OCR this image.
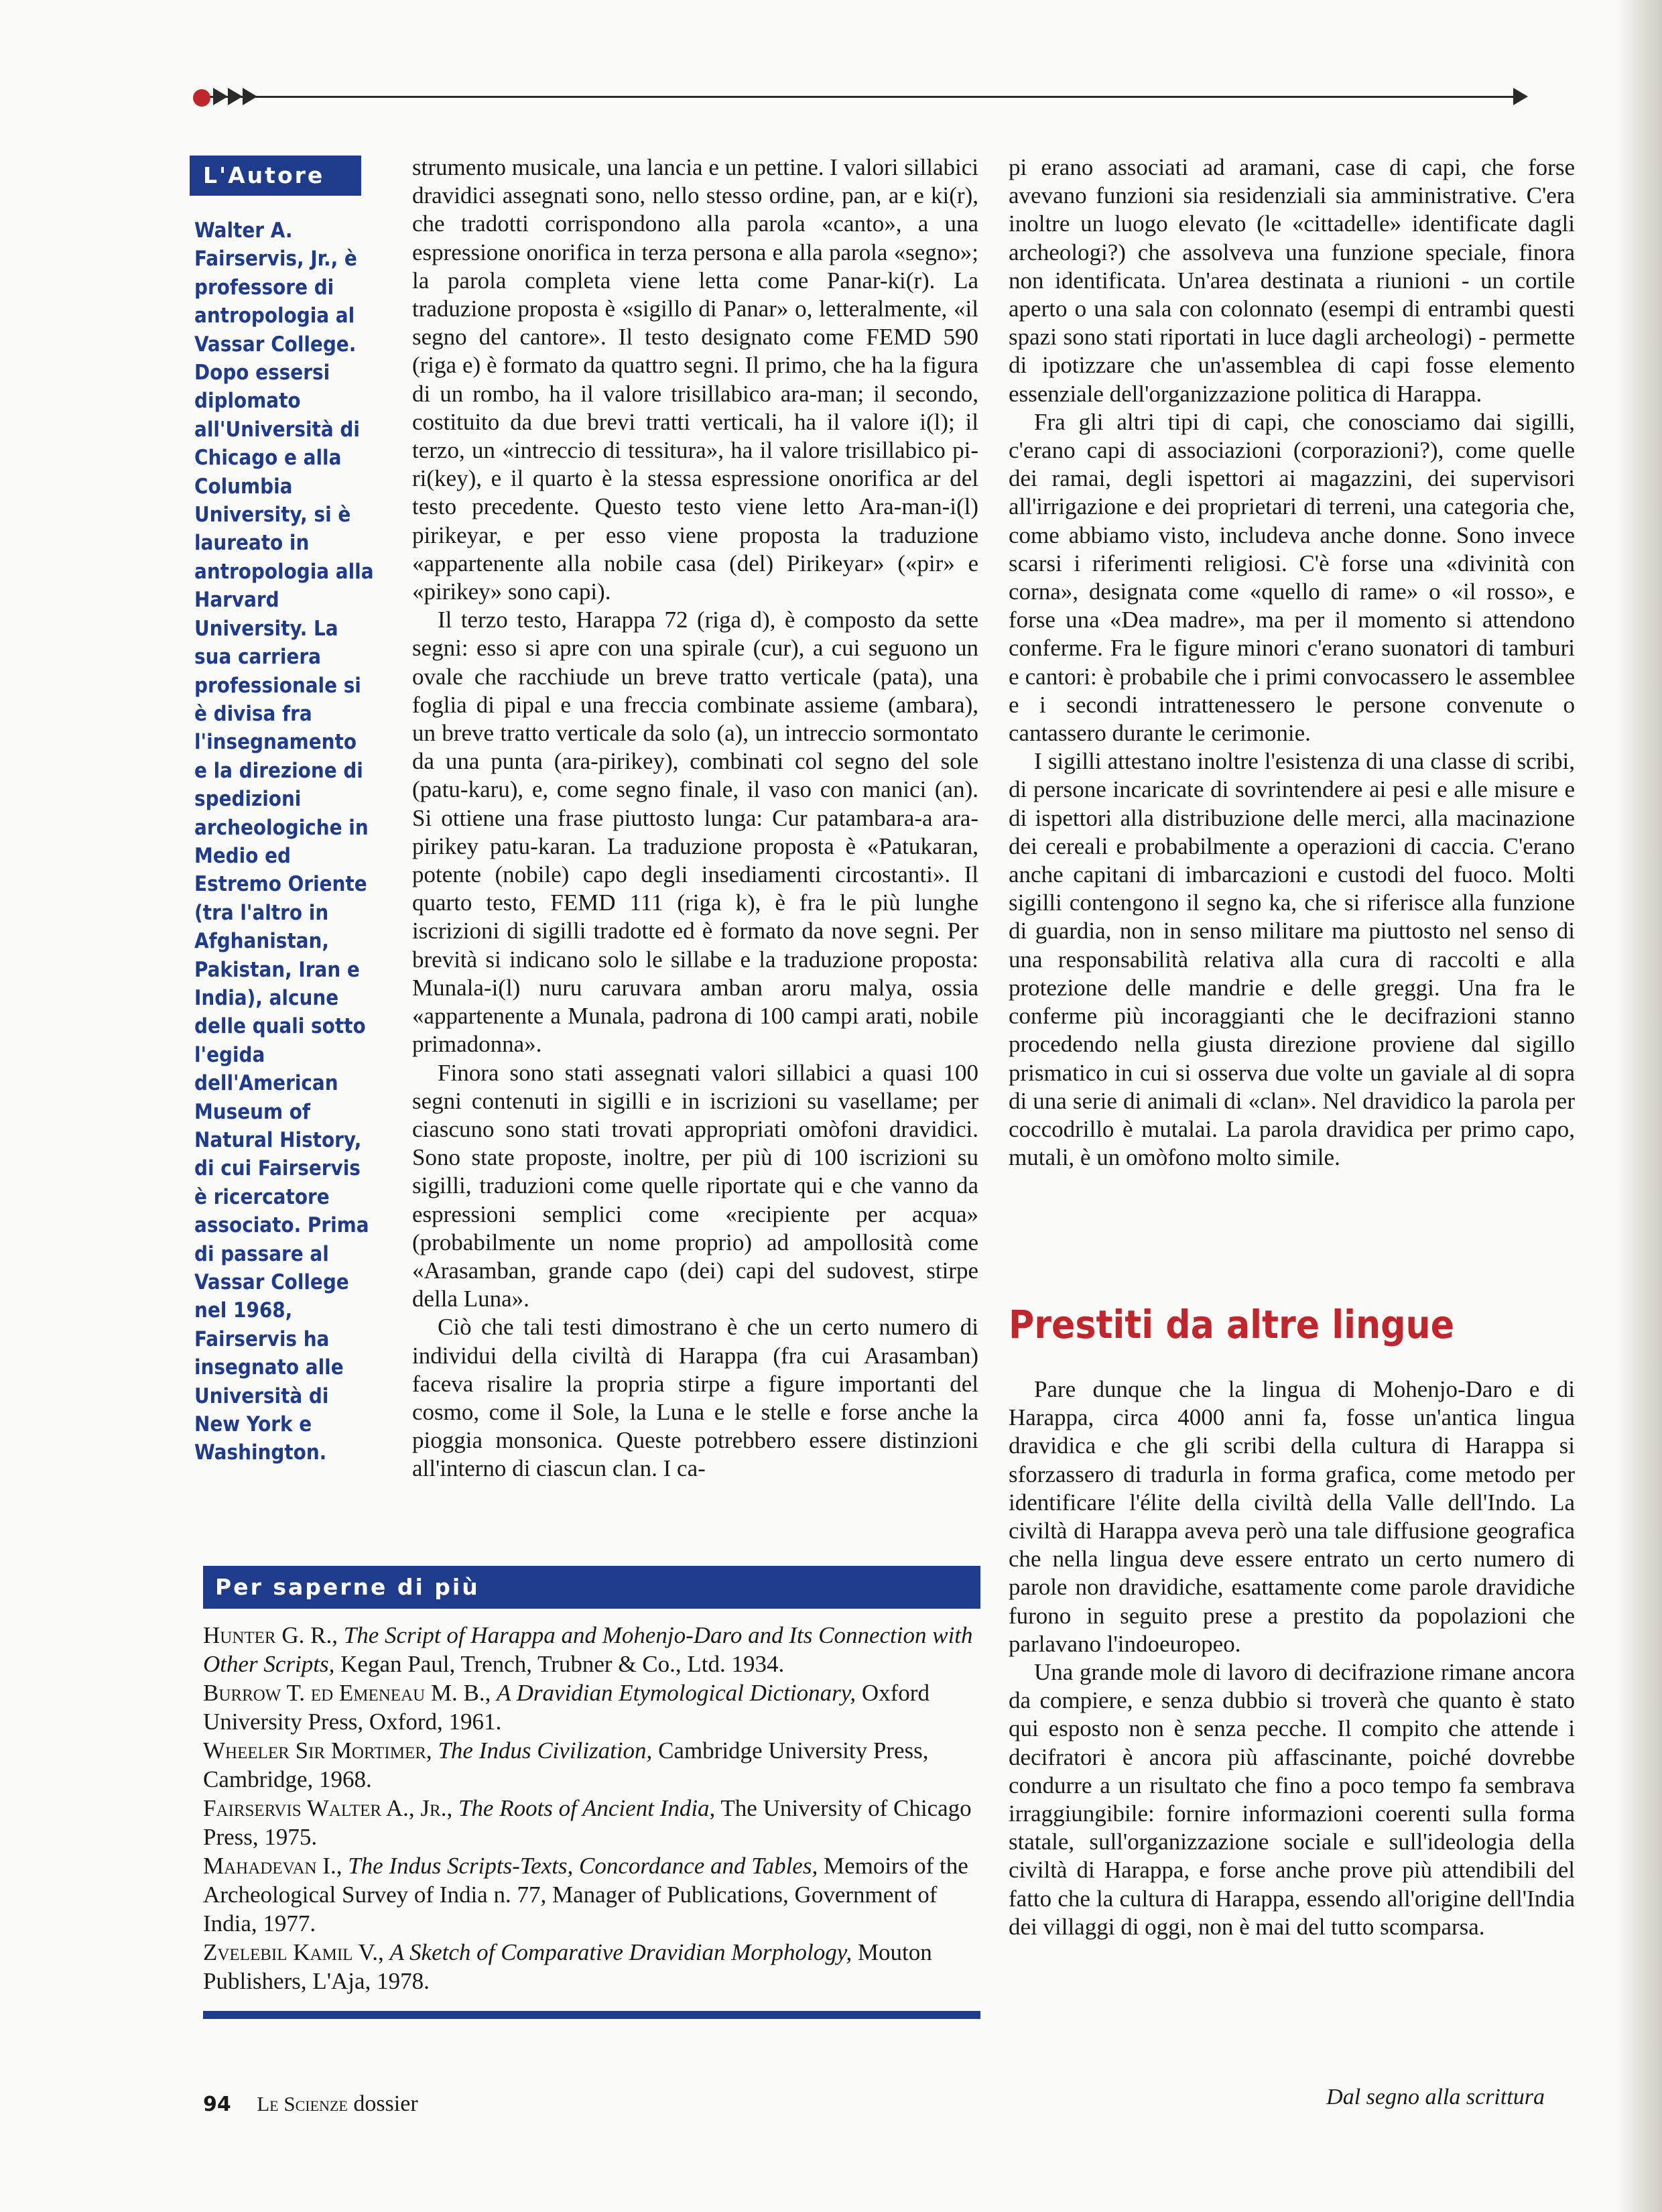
L'Autore

Walter A. Fairservis, Jr., è professore di antropologia al Vassar College. Dopo essersi diplomato all'Università di Chicago e alla Columbia University, si è laureato in antropologia alla Harvard University. La sua carriera professionale si è divisa fra l'insegnamento e la direzione di spedizioni archeologiche in Medio ed Estremo Oriente (tra l'altro in Afghanistan, Pakistan, Iran e India), alcune delle quali sotto l'egida dell'American Museum of Natural History, di cui Fairservis è ricercatore associato. Prima di passare al Vassar College nel 1968, Fairservis ha insegnato alle Università di New York e Washington.

strumento musicale, una lancia e un pettine. I valori sillabici dravidici assegnati sono, nello stesso ordine, pan, ar e ki(r), che tradotti corrispondono alla parola «canto», a una espressione onorifica in terza persona e alla parola «segno»; la parola completa viene letta come Panar-ki(r). La traduzione proposta è «sigillo di Panar» o, letteralmente, «il segno del cantore». Il testo designato come FEMD 590 (riga e) è formato da quattro segni. Il primo, che ha la figura di un rombo, ha il valore trisillabico ara-man; il secondo, costituito da due brevi tratti verticali, ha il valore i(l); il terzo, un «intreccio di tessitura», ha il valore trisillabico pi-ri(key), e il quarto è la stessa espressione onorifica ar del testo precedente. Questo testo viene letto Ara-man-i(l) pirikeyar, e per esso viene proposta la traduzione «appartenente alla nobile casa (del) Pirikeyar» («pir» e «pirikey» sono capi).

Il terzo testo, Harappa 72 (riga d), è composto da sette segni: esso si apre con una spirale (cur), a cui seguono un ovale che racchiude un breve tratto verticale (pata), una foglia di pipal e una freccia combinate assieme (ambara), un breve tratto verticale da solo (a), un intreccio sormontato da una punta (ara-pirikey), combinati col segno del sole (patu-karu), e, come segno finale, il vaso con manici (an). Si ottiene una frase piuttosto lunga: Cur patambara-a ara-pirikey patu-karan. La traduzione proposta è «Patukaran, potente (nobile) capo degli insediamenti circostanti». Il quarto testo, FEMD 111 (riga k), è fra le più lunghe iscrizioni di sigilli tradotte ed è formato da nove segni. Per brevità si indicano solo le sillabe e la traduzione proposta: Munala-i(l) nuru caruvara amban aroru malya, ossia «appartenente a Munala, padrona di 100 campi arati, nobile primadonna».

Finora sono stati assegnati valori sillabici a quasi 100 segni contenuti in sigilli e in iscrizioni su vasellame; per ciascuno sono stati trovati appropriati omòfoni dravidici. Sono state proposte, inoltre, per più di 100 iscrizioni su sigilli, traduzioni come quelle riportate qui e che vanno da espressioni semplici come «recipiente per acqua» (probabilmente un nome proprio) ad ampollosità come «Arasamban, grande capo (dei) capi del sudovest, stirpe della Luna».

Ciò che tali testi dimostrano è che un certo numero di individui della civiltà di Harappa (fra cui Arasamban) faceva risalire la propria stirpe a figure importanti del cosmo, come il Sole, la Luna e le stelle e forse anche la pioggia monsonica. Queste potrebbero essere distinzioni all'interno di ciascun clan. I ca-

pi erano associati ad aramani, case di capi, che forse avevano funzioni sia residenziali sia amministrative. C'era inoltre un luogo elevato (le «cittadelle» identificate dagli archeologi?) che assolveva una funzione speciale, finora non identificata. Un'area destinata a riunioni - un cortile aperto o una sala con colonnato (esempi di entrambi questi spazi sono stati riportati in luce dagli archeologi) - permette di ipotizzare che un'assemblea di capi fosse elemento essenziale dell'organizzazione politica di Harappa.

Fra gli altri tipi di capi, che conosciamo dai sigilli, c'erano capi di associazioni (corporazioni?), come quelle dei ramai, degli ispettori ai magazzini, dei supervisori all'irrigazione e dei proprietari di terreni, una categoria che, come abbiamo visto, includeva anche donne. Sono invece scarsi i riferimenti religiosi. C'è forse una «divinità con corna», designata come «quello di rame» o «il rosso», e forse una «Dea madre», ma per il momento si attendono conferme. Fra le figure minori c'erano suonatori di tamburi e cantori: è probabile che i primi convocassero le assemblee e i secondi intrattenessero le persone convenute o cantassero durante le cerimonie.

I sigilli attestano inoltre l'esistenza di una classe di scribi, di persone incaricate di sovrintendere ai pesi e alle misure e di ispettori alla distribuzione delle merci, alla macinazione dei cereali e probabilmente a operazioni di caccia. C'erano anche capitani di imbarcazioni e custodi del fuoco. Molti sigilli contengono il segno ka, che si riferisce alla funzione di guardia, non in senso militare ma piuttosto nel senso di una responsabilità relativa alla cura di raccolti e alla protezione delle mandrie e delle greggi. Una fra le conferme più incoraggianti che le decifrazioni stanno procedendo nella giusta direzione proviene dal sigillo prismatico in cui si osserva due volte un gaviale al di sopra di una serie di animali di «clan». Nel dravidico la parola per coccodrillo è mutalai. La parola dravidica per primo capo, mutali, è un omòfono molto simile.

Prestiti da altre lingue

Pare dunque che la lingua di Mohenjo-Daro e di Harappa, circa 4000 anni fa, fosse un'antica lingua dravidica e che gli scribi della cultura di Harappa si sforzassero di tradurla in forma grafica, come metodo per identificare l'élite della civiltà della Valle dell'Indo. La civiltà di Harappa aveva però una tale diffusione geografica che nella lingua deve essere entrato un certo numero di parole non dravidiche, esattamente come parole dravidiche furono in seguito prese a prestito da popolazioni che parlavano l'indoeuropeo.

Una grande mole di lavoro di decifrazione rimane ancora da compiere, e senza dubbio si troverà che quanto è stato qui esposto non è senza pecche. Il compito che attende i decifratori è ancora più affascinante, poiché dovrebbe condurre a un risultato che fino a poco tempo fa sembrava irraggiungibile: fornire informazioni coerenti sulla forma statale, sull'organizzazione sociale e sull'ideologia della civiltà di Harappa, e forse anche prove più attendibili del fatto che la cultura di Harappa, essendo all'origine dell'India dei villaggi di oggi, non è mai del tutto scomparsa.

Per saperne di più

Hunter G. R., The Script of Harappa and Mohenjo-Daro and Its Connection with Other Scripts, Kegan Paul, Trench, Trubner & Co., Ltd. 1934.

Burrow T. ed Emeneau M. B., A Dravidian Etymological Dictionary, Oxford University Press, Oxford, 1961.

Wheeler Sir Mortimer, The Indus Civilization, Cambridge University Press, Cambridge, 1968.

Fairservis Walter A., Jr., The Roots of Ancient India, The University of Chicago Press, 1975.

Mahadevan I., The Indus Scripts-Texts, Concordance and Tables, Memoirs of the Archeological Survey of India n. 77, Manager of Publications, Government of India, 1977.

Zvelebil Kamil V., A Sketch of Comparative Dravidian Morphology, Mouton Publishers, L'Aja, 1978.

94 Le Scienze dossier	Dal segno alla scrittura
